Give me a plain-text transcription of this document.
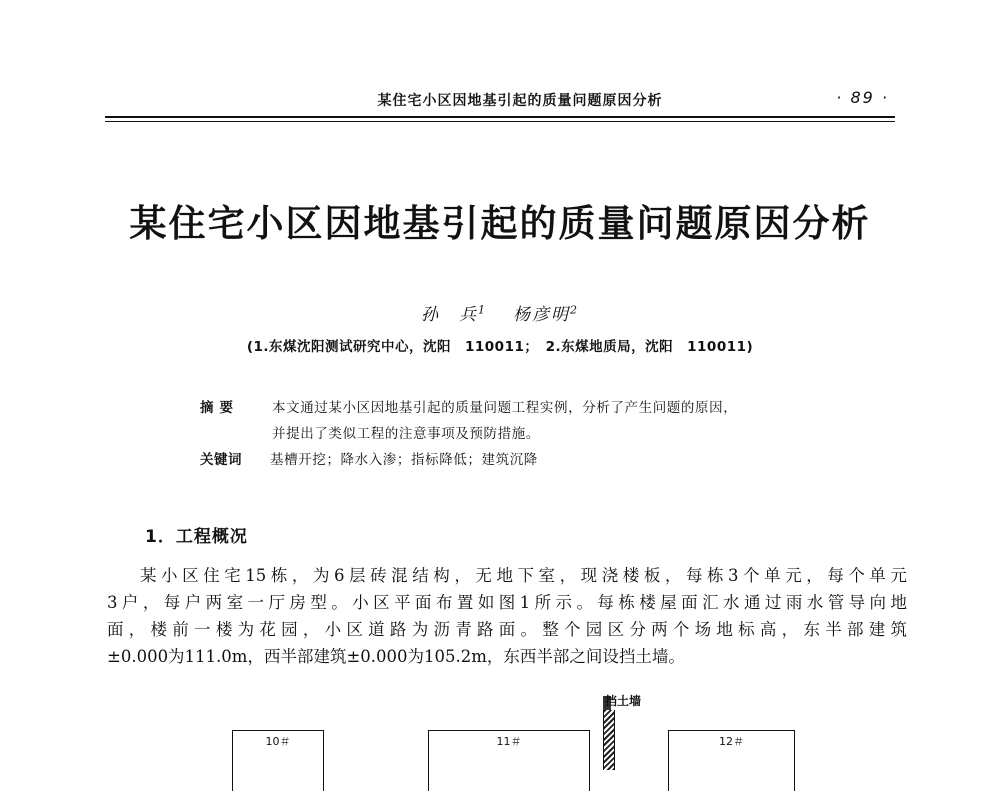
某住宅小区因地基引起的质量问题原因分析	· 89 ·
某住宅小区因地基引起的质量问题原因分析
孙　兵$^1$ 杨彦明$^2$
(1.东煤沈阳测试研究中心，沈阳　110011；　2.东煤地质局，沈阳　110011)
摘要 本文通过某小区因地基引起的质量问题工程实例，分析了产生问题的原因，
并提出了类似工程的注意事项及预防措施。
关键词 基槽开挖；降水入渗；指标降低；建筑沉降
1．工程概况
某小区住宅15栋，为6层砖混结构，无地下室，现浇楼板，每栋3个单元，每个单元
3户，每户两室一厅房型。小区平面布置如图1所示。每栋楼屋面汇水通过雨水管导向地
面，楼前一楼为花园，小区道路为沥青路面。整个园区分两个场地标高，东半部建筑
±0.000为111.0m，西半部建筑±0.000为105.2m，东西半部之间设挡土墙。
挡土墙
10＃	11＃	12＃
